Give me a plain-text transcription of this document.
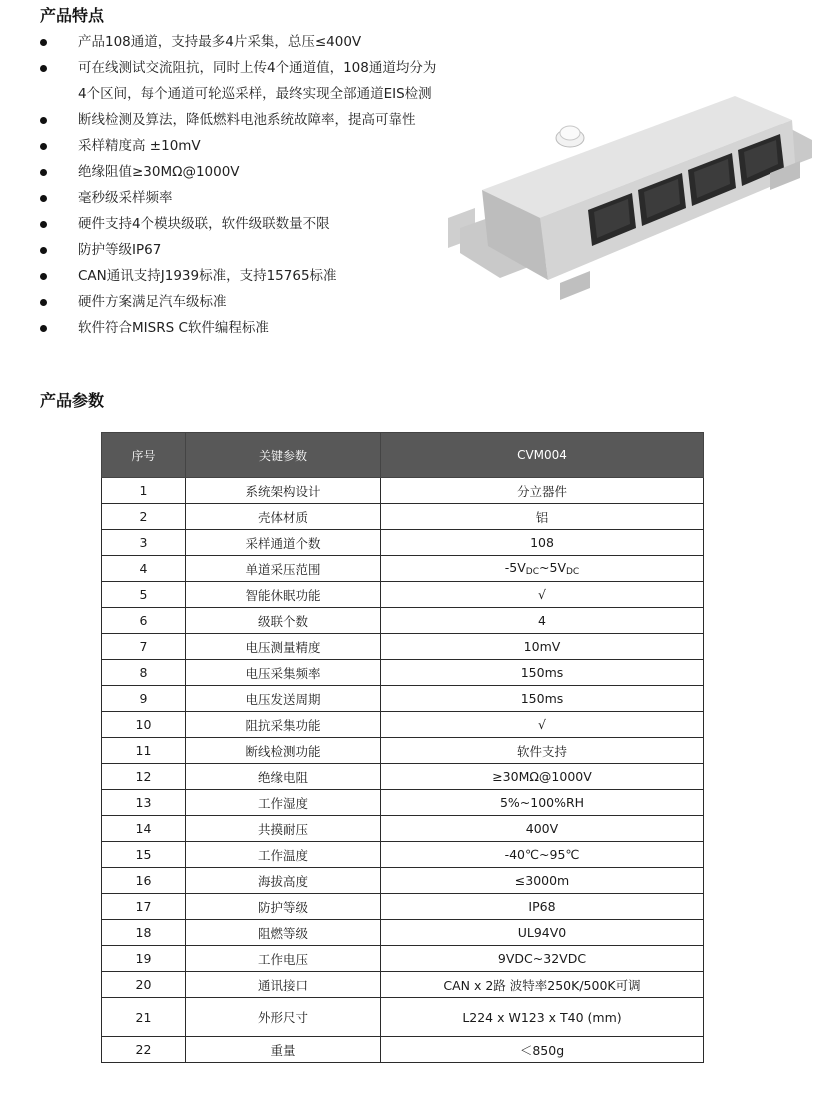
产品特点
产品108通道，支持最多4片采集，总压≤400V
可在线测试交流阻抗，同时上传4个通道值，108通道均分为
4个区间，每个通道可轮巡采样，最终实现全部通道EIS检测
断线检测及算法，降低燃料电池系统故障率，提高可靠性
采样精度高 ±10mV
绝缘阻值≥30MΩ@1000V
毫秒级采样频率
硬件支持4个模块级联，软件级联数量不限
防护等级IP67
CAN通讯支持J1939标准，支持15765标准
硬件方案满足汽车级标准
软件符合MISRS C软件编程标准
产品参数
序号	关键参数	CVM004
1	系统架构设计	分立器件
2	壳体材质	铝
3	采样通道个数	108
4	单道采压范围	$-5V_{DC}\sim 5V_{DC}$
5	智能休眠功能	√
6	级联个数	4
7	电压测量精度	10mV
8	电压采集频率	150ms
9	电压发送周期	150ms
10	阻抗采集功能	√
11	断线检测功能	软件支持
12	绝缘电阻	≥30MΩ@1000V
13	工作湿度	5%~100%RH
14	共摸耐压	400V
15	工作温度	-40℃~95℃
16	海拔高度	≤3000m
17	防护等级	IP68
18	阻燃等级	UL94V0
19	工作电压	9VDC~32VDC
20	通讯接口	CAN x 2路 波特率250K/500K可调
21	外形尺寸	L224 x W123 x T40 (mm)
22	重量	＜850g
